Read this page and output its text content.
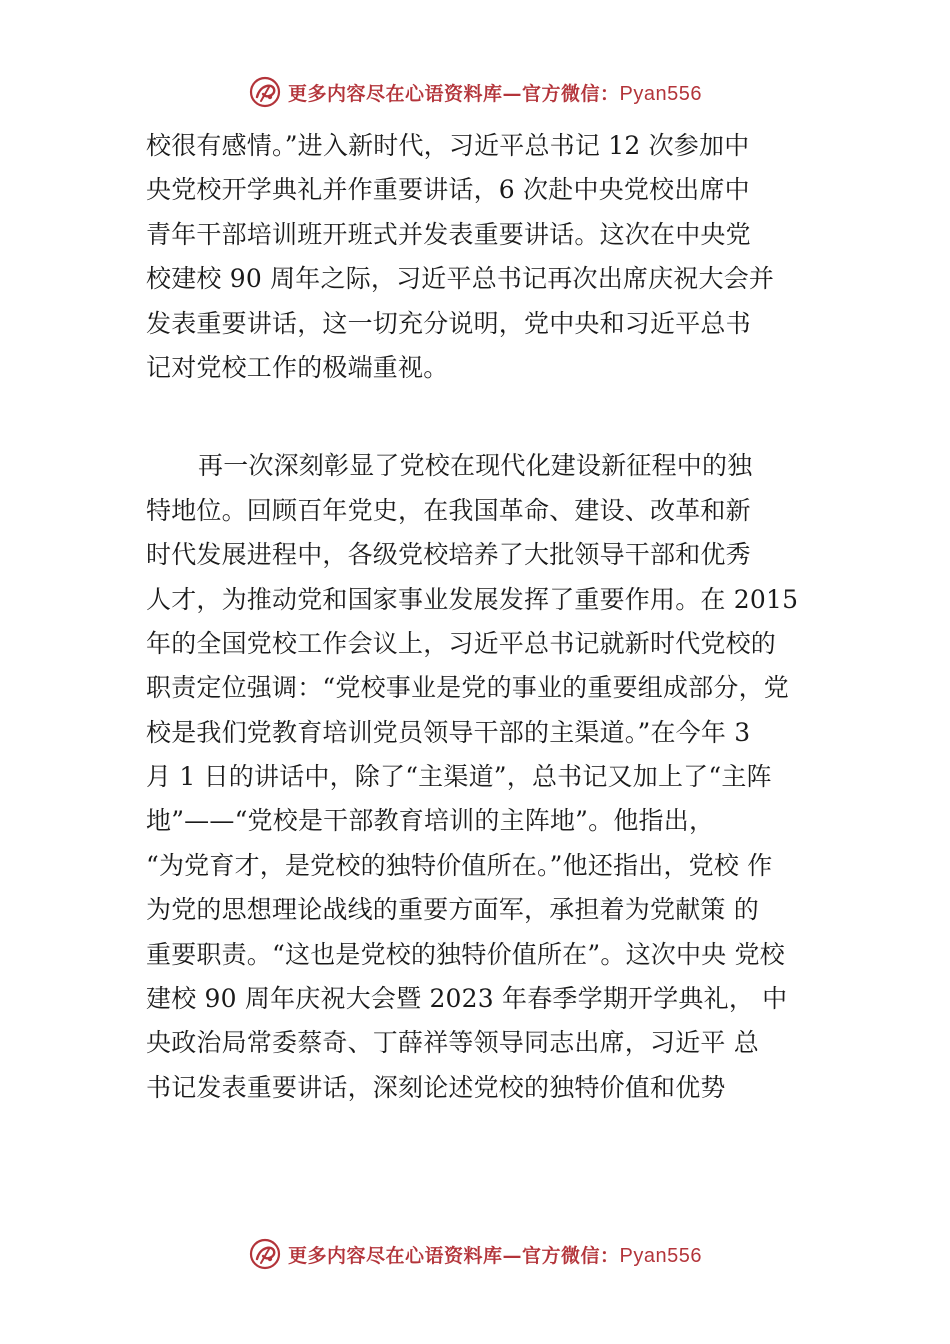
更多内容尽在心语资料库—官方微信：Pyan556

校很有感情。”进入新时代，习近平总书记 12 次参加中
央党校开学典礼并作重要讲话，6 次赴中央党校出席中
青年干部培训班开班式并发表重要讲话。这次在中央党
校建校 90 周年之际，习近平总书记再次出席庆祝大会并
发表重要讲话，这一切充分说明，党中央和习近平总书
记对党校工作的极端重视。

再一次深刻彰显了党校在现代化建设新征程中的独
特地位。回顾百年党史，在我国革命、建设、改革和新
时代发展进程中，各级党校培养了大批领导干部和优秀
人才，为推动党和国家事业发展发挥了重要作用。在 2015
年的全国党校工作会议上，习近平总书记就新时代党校的
职责定位强调：“党校事业是党的事业的重要组成部分，党
校是我们党教育培训党员领导干部的主渠道。”在今年 3
月 1 日的讲话中，除了“主渠道”，总书记又加上了“主阵
地”——“党校是干部教育培训的主阵地”。他指出，
“为党育才，是党校的独特价值所在。”他还指出，党校 作
为党的思想理论战线的重要方面军，承担着为党献策 的
重要职责。“这也是党校的独特价值所在”。这次中央 党校
建校 90 周年庆祝大会暨 2023 年春季学期开学典礼， 中
央政治局常委蔡奇、丁薛祥等领导同志出席，习近平 总
书记发表重要讲话，深刻论述党校的独特价值和优势

更多内容尽在心语资料库—官方微信：Pyan556
